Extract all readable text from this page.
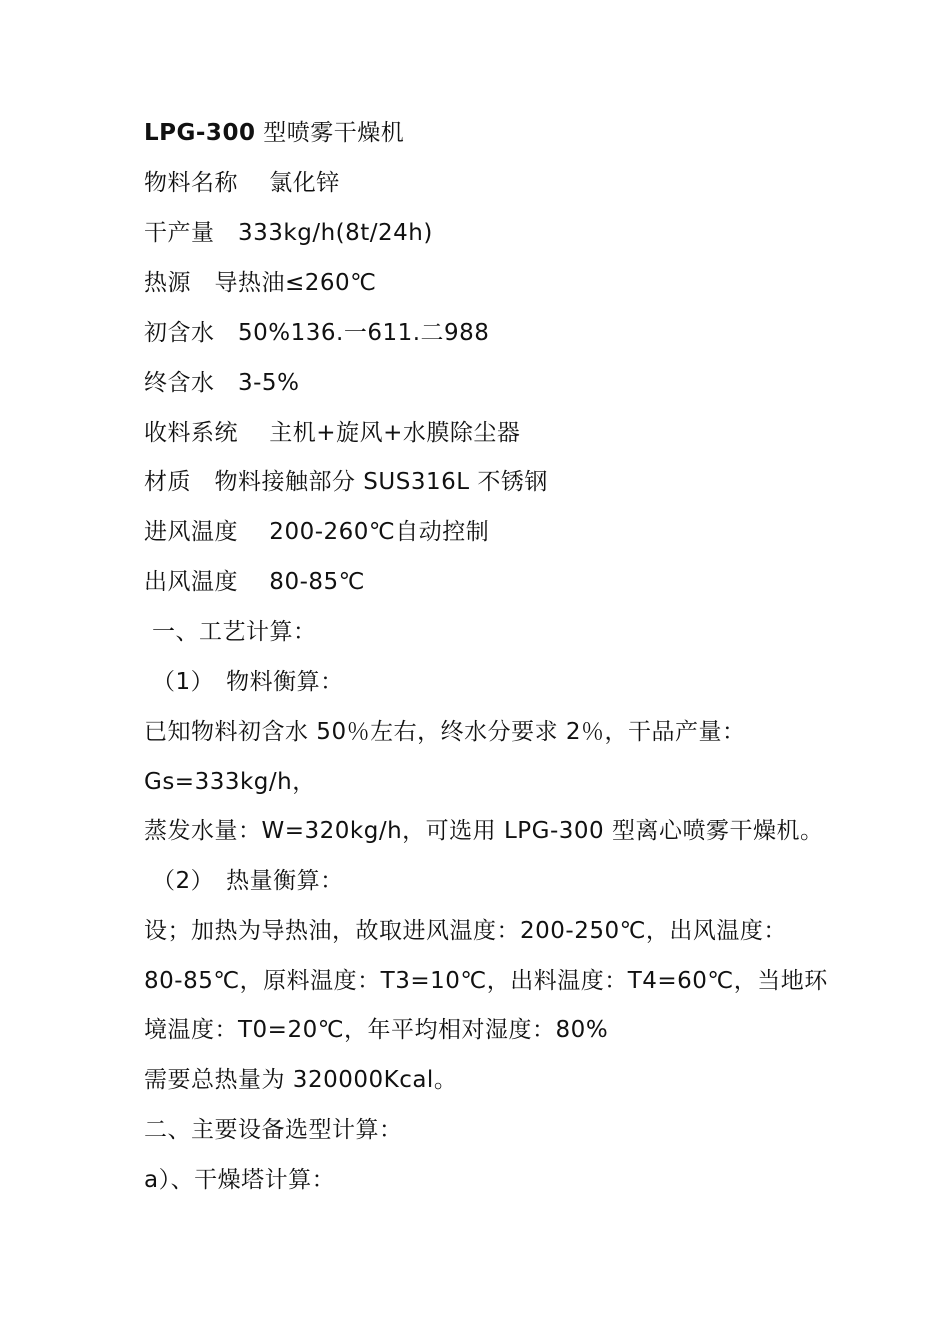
LPG-300 型喷雾干燥机
物料名称　 氯化锌
干产量　333kg/h(8t/24h)
热源　导热油≤260℃
初含水　50%136.一611.二988
终含水　3-5%
收料系统　 主机+旋风+水膜除尘器
材质　物料接触部分 SUS316L 不锈钢
进风温度　 200-260℃自动控制
出风温度　 80-85℃
一、工艺计算：
（1）　物料衡算：
已知物料初含水 50％左右，终水分要求 2％，干品产量：
Gs=333kg/h，
蒸发水量：W=320kg/h，可选用 LPG-300 型离心喷雾干燥机。
（2）　热量衡算：
设；加热为导热油，故取进风温度：200-250℃，出风温度：
80-85℃，原料温度：T3=10℃，出料温度：T4=60℃，当地环
境温度：T0=20℃，年平均相对湿度：80%
需要总热量为 320000Kcal。
二、主要设备选型计算：
a）、干燥塔计算：
